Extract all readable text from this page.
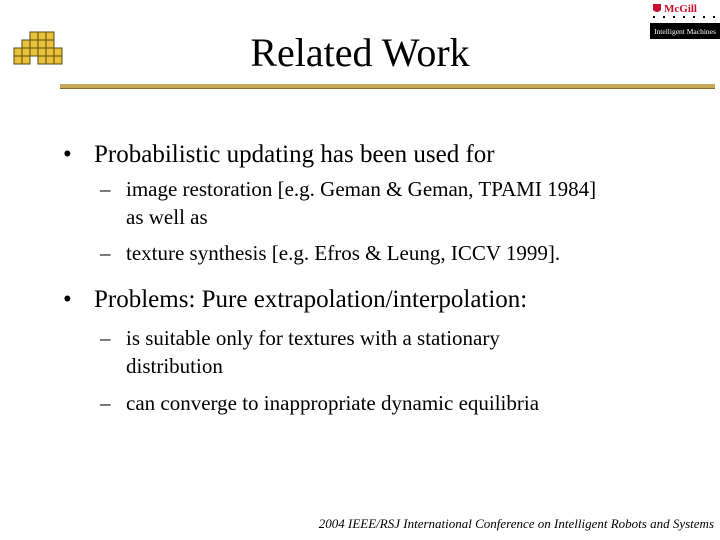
McGill
Intelligent Machines
Related Work
• Probabilistic updating has been used for
– image restoration [e.g. Geman & Geman, TPAMI 1984]
as well as
– texture synthesis [e.g. Efros & Leung, ICCV 1999].
• Problems: Pure extrapolation/interpolation:
– is suitable only for textures with a stationary
distribution
– can converge to inappropriate dynamic equilibria
2004 IEEE/RSJ International Conference on Intelligent Robots and Systems
